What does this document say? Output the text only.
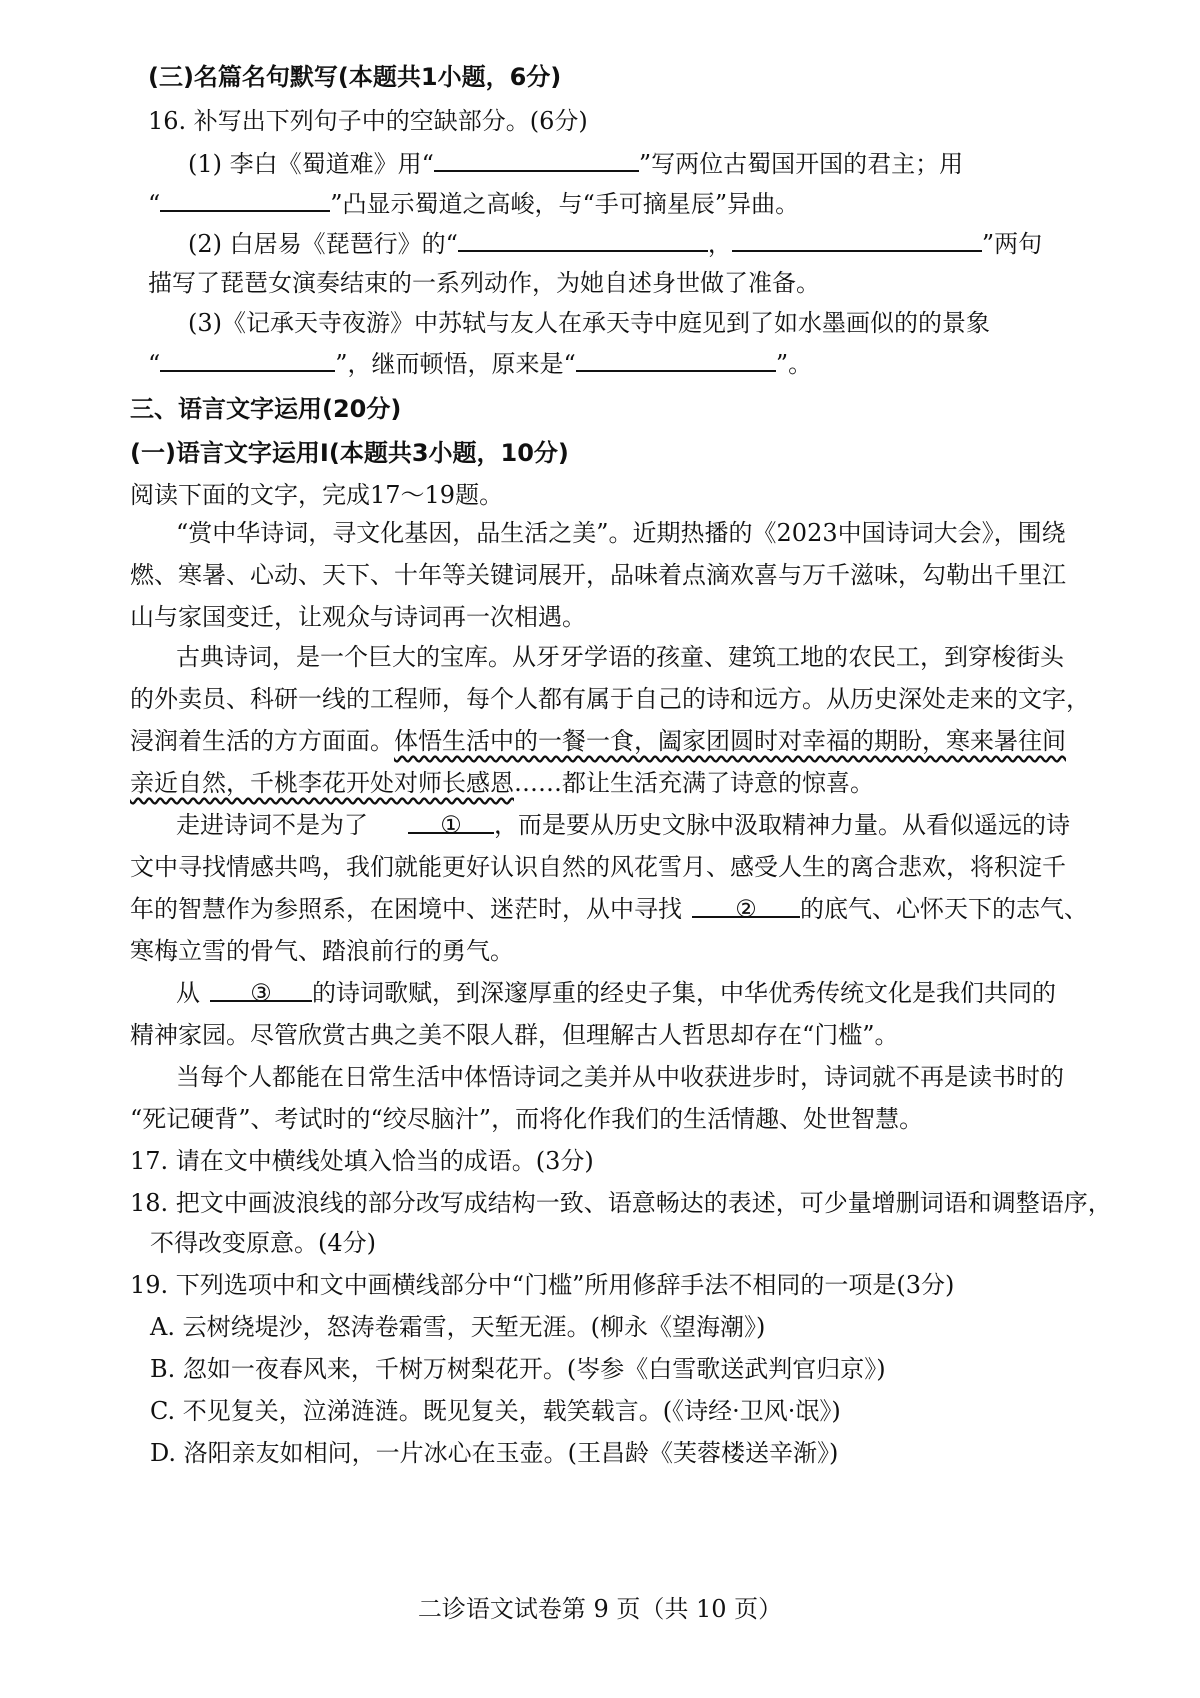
(三)名篇名句默写(本题共1小题，6分)
16. 补写出下列句子中的空缺部分。(6分)
(1) 李白《蜀道难》用“	”写两位古蜀国开国的君主；用
“	”凸显示蜀道之高峻，与“手可摘星辰”异曲。
(2) 白居易《琵琶行》的“	，	”两句
描写了琵琶女演奏结束的一系列动作，为她自述身世做了准备。
(3)《记承天寺夜游》中苏轼与友人在承天寺中庭见到了如水墨画似的的景象
“	”，继而顿悟，原来是“	”。
三、语言文字运用(20分)
(一)语言文字运用Ⅰ(本题共3小题，10分)
阅读下面的文字，完成17～19题。
“赏中华诗词，寻文化基因，品生活之美”。近期热播的《2023中国诗词大会》，围绕
燃、寒暑、心动、天下、十年等关键词展开，品味着点滴欢喜与万千滋味，勾勒出千里江
山与家国变迁，让观众与诗词再一次相遇。
古典诗词，是一个巨大的宝库。从牙牙学语的孩童、建筑工地的农民工，到穿梭街头
的外卖员、科研一线的工程师，每个人都有属于自己的诗和远方。从历史深处走来的文字，
浸润着生活的方方面面。体悟生活中的一餐一食，阖家团圆时对幸福的期盼，寒来暑往间
亲近自然，千桃李花开处对师长感恩……都让生活充满了诗意的惊喜。
走进诗词不是为了	① ，而是要从历史文脉中汲取精神力量。从看似遥远的诗
文中寻找情感共鸣，我们就能更好认识自然的风花雪月、感受人生的离合悲欢，将积淀千
年的智慧作为参照系，在困境中、迷茫时，从中寻找 ② 的底气、心怀天下的志气、
寒梅立雪的骨气、踏浪前行的勇气。
从 ③ 的诗词歌赋，到深邃厚重的经史子集，中华优秀传统文化是我们共同的
精神家园。尽管欣赏古典之美不限人群，但理解古人哲思却存在“门槛”。
当每个人都能在日常生活中体悟诗词之美并从中收获进步时，诗词就不再是读书时的
“死记硬背”、考试时的“绞尽脑汁”，而将化作我们的生活情趣、处世智慧。
17. 请在文中横线处填入恰当的成语。(3分)
18. 把文中画波浪线的部分改写成结构一致、语意畅达的表述，可少量增删词语和调整语序，
不得改变原意。(4分)
19. 下列选项中和文中画横线部分中“门槛”所用修辞手法不相同的一项是(3分)
A. 云树绕堤沙，怒涛卷霜雪，天堑无涯。(柳永《望海潮》)
B. 忽如一夜春风来，千树万树梨花开。(岑参《白雪歌送武判官归京》)
C. 不见复关，泣涕涟涟。既见复关，载笑载言。(《诗经·卫风·氓》)
D. 洛阳亲友如相问，一片冰心在玉壶。(王昌龄《芙蓉楼送辛渐》)
二诊语文试卷第 9 页（共 10 页）
